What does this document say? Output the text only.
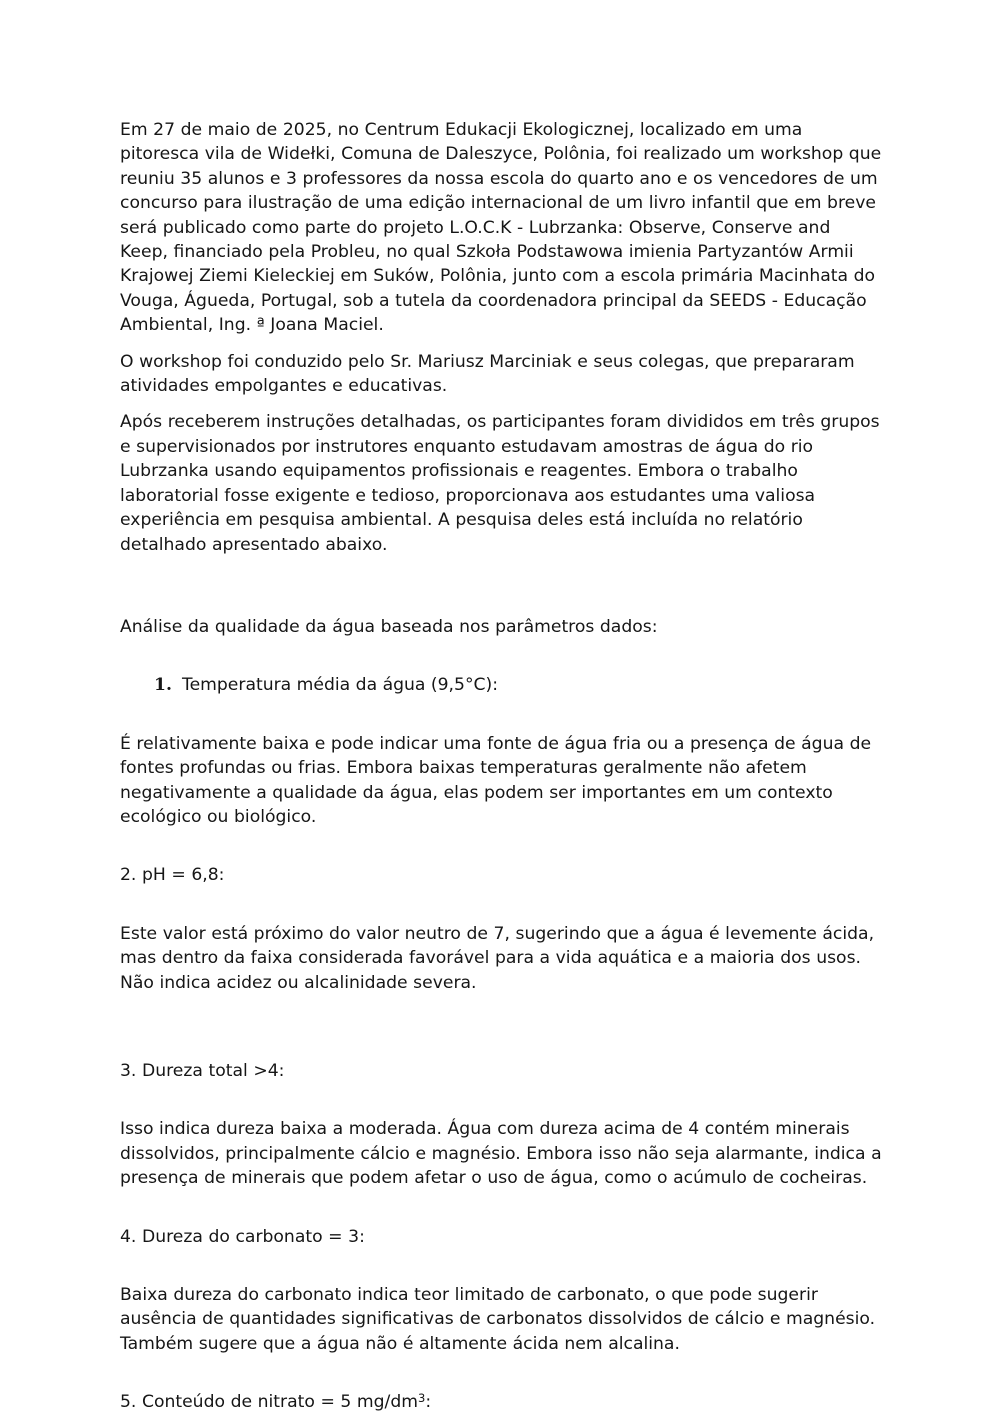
Em 27 de maio de 2025, no Centrum Edukacji Ekologicznej, localizado em uma pitoresca vila de Widełki, Comuna de Daleszyce, Polônia, foi realizado um workshop que reuniu 35 alunos e 3 professores da nossa escola do quarto ano e os vencedores de um concurso para ilustração de uma edição internacional de um livro infantil que em breve será publicado como parte do projeto L.O.C.K - Lubrzanka: Observe, Conserve and Keep, financiado pela Probleu, no qual Szkoła Podstawowa imienia Partyzantów Armii Krajowej Ziemi Kieleckiej em Suków, Polônia, junto com a escola primária Macinhata do Vouga, Águeda, Portugal, sob a tutela da coordenadora principal da SEEDS - Educação Ambiental, Ing. ª Joana Maciel.

O workshop foi conduzido pelo Sr. Mariusz Marciniak e seus colegas, que prepararam atividades empolgantes e educativas.

Após receberem instruções detalhadas, os participantes foram divididos em três grupos e supervisionados por instrutores enquanto estudavam amostras de água do rio Lubrzanka usando equipamentos profissionais e reagentes. Embora o trabalho laboratorial fosse exigente e tedioso, proporcionava aos estudantes uma valiosa experiência em pesquisa ambiental. A pesquisa deles está incluída no relatório detalhado apresentado abaixo.

Análise da qualidade da água baseada nos parâmetros dados:

1. Temperatura média da água (9,5°C):

É relativamente baixa e pode indicar uma fonte de água fria ou a presença de água de fontes profundas ou frias. Embora baixas temperaturas geralmente não afetem negativamente a qualidade da água, elas podem ser importantes em um contexto ecológico ou biológico.

2. pH = 6,8:

Este valor está próximo do valor neutro de 7, sugerindo que a água é levemente ácida, mas dentro da faixa considerada favorável para a vida aquática e a maioria dos usos. Não indica acidez ou alcalinidade severa.

3. Dureza total >4:

Isso indica dureza baixa a moderada. Água com dureza acima de 4 contém minerais dissolvidos, principalmente cálcio e magnésio. Embora isso não seja alarmante, indica a presença de minerais que podem afetar o uso de água, como o acúmulo de cocheiras.

4. Dureza do carbonato = 3:

Baixa dureza do carbonato indica teor limitado de carbonato, o que pode sugerir ausência de quantidades significativas de carbonatos dissolvidos de cálcio e magnésio. Também sugere que a água não é altamente ácida nem alcalina.

5. Conteúdo de nitrato = 5 $mg/dm^3$:
